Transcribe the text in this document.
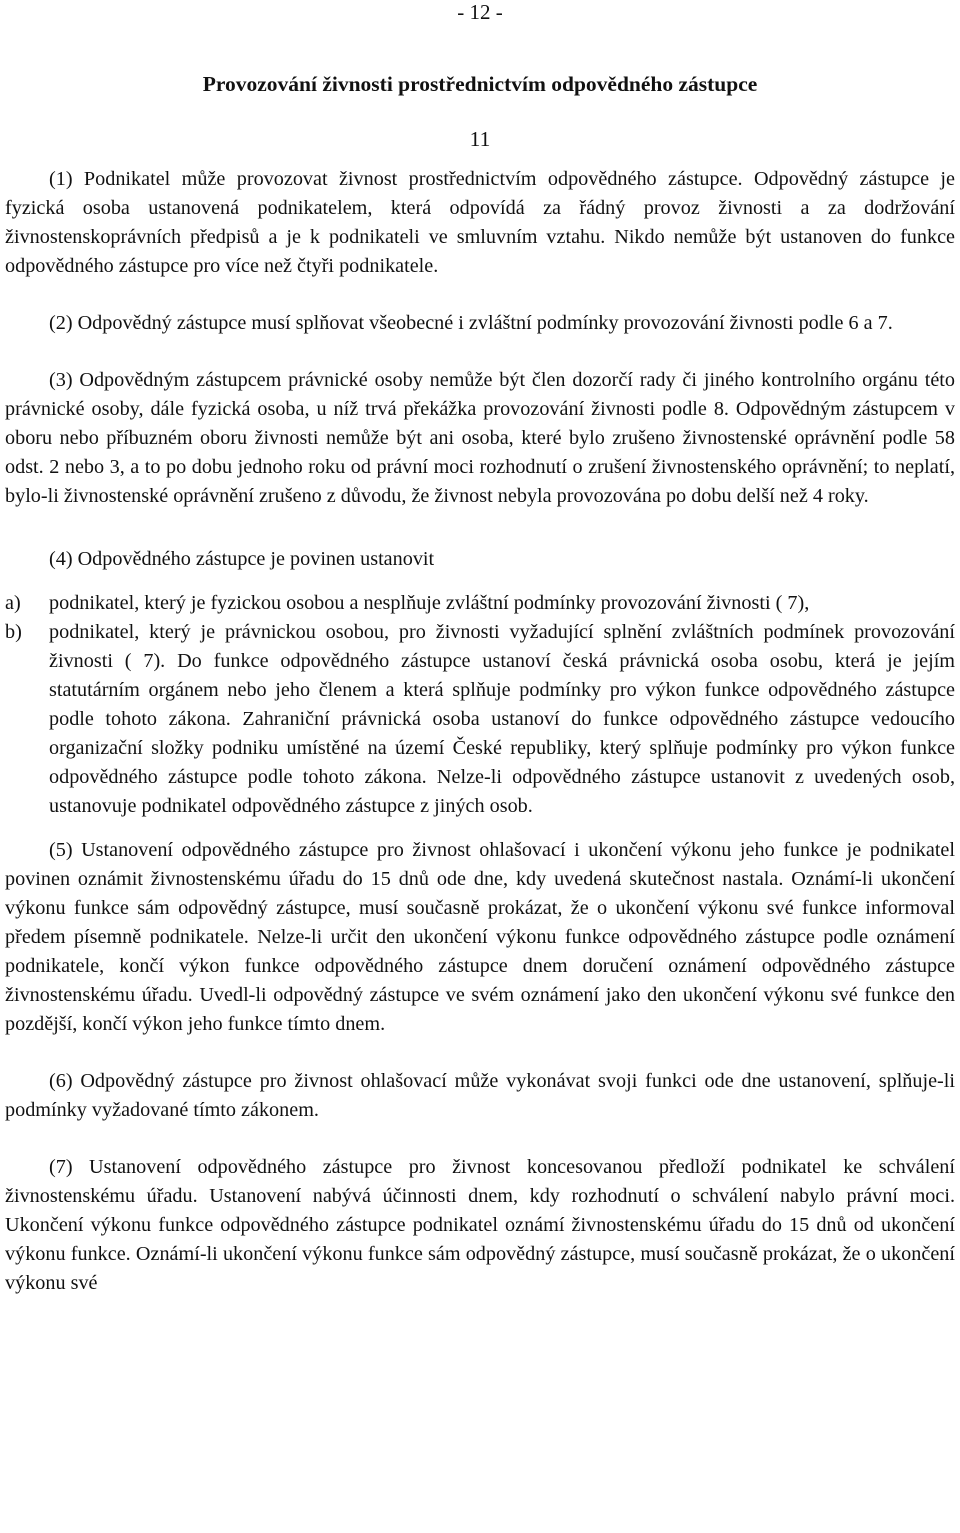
- 12 -
Provozování živnosti prostřednictvím odpovědného zástupce
11

(1) Podnikatel může provozovat živnost prostřednictvím odpovědného zástupce. Odpovědný zástupce je fyzická osoba ustanovená podnikatelem, která odpovídá za řádný provoz živnosti a za dodržování živnostenskoprávních předpisů a je k podnikateli ve smluvním vztahu. Nikdo nemůže být ustanoven do funkce odpovědného zástupce pro více než čtyři podnikatele.

(2) Odpovědný zástupce musí splňovat všeobecné i zvláštní podmínky provozování živnosti podle 6 a 7.

(3) Odpovědným zástupcem právnické osoby nemůže být člen dozorčí rady či jiného kontrolního orgánu této právnické osoby, dále fyzická osoba, u níž trvá překážka provozování živnosti podle 8. Odpovědným zástupcem v oboru nebo příbuzném oboru živnosti nemůže být ani osoba, které bylo zrušeno živnostenské oprávnění podle 58 odst. 2 nebo 3, a to po dobu jednoho roku od právní moci rozhodnutí o zrušení živnostenského oprávnění; to neplatí, bylo-li živnostenské oprávnění zrušeno z důvodu, že živnost nebyla provozována po dobu delší než 4 roky.

(4) Odpovědného zástupce je povinen ustanovit

a)	podnikatel, který je fyzickou osobou a nesplňuje zvláštní podmínky provozování živnosti ( 7),
b)	podnikatel, který je právnickou osobou, pro živnosti vyžadující splnění zvláštních podmínek provozování živnosti ( 7). Do funkce odpovědného zástupce ustanoví česká právnická osoba osobu, která je jejím statutárním orgánem nebo jeho členem a která splňuje podmínky pro výkon funkce odpovědného zástupce podle tohoto zákona. Zahraniční právnická osoba ustanoví do funkce odpovědného zástupce vedoucího organizační složky podniku umístěné na území České republiky, který splňuje podmínky pro výkon funkce odpovědného zástupce podle tohoto zákona. Nelze-li odpovědného zástupce ustanovit z uvedených osob, ustanovuje podnikatel odpovědného zástupce z jiných osob.

(5) Ustanovení odpovědného zástupce pro živnost ohlašovací i ukončení výkonu jeho funkce je podnikatel povinen oznámit živnostenskému úřadu do 15 dnů ode dne, kdy uvedená skutečnost nastala. Oznámí-li ukončení výkonu funkce sám odpovědný zástupce, musí současně prokázat, že o ukončení výkonu své funkce informoval předem písemně podnikatele. Nelze-li určit den ukončení výkonu funkce odpovědného zástupce podle oznámení podnikatele, končí výkon funkce odpovědného zástupce dnem doručení oznámení odpovědného zástupce živnostenskému úřadu. Uvedl-li odpovědný zástupce ve svém oznámení jako den ukončení výkonu své funkce den pozdější, končí výkon jeho funkce tímto dnem.

(6) Odpovědný zástupce pro živnost ohlašovací může vykonávat svoji funkci ode dne ustanovení, splňuje-li podmínky vyžadované tímto zákonem.

(7) Ustanovení odpovědného zástupce pro živnost koncesovanou předloží podnikatel ke schválení živnostenskému úřadu. Ustanovení nabývá účinnosti dnem, kdy rozhodnutí o schválení nabylo právní moci. Ukončení výkonu funkce odpovědného zástupce podnikatel oznámí živnostenskému úřadu do 15 dnů od ukončení výkonu funkce. Oznámí-li ukončení výkonu funkce sám odpovědný zástupce, musí současně prokázat, že o ukončení výkonu své
